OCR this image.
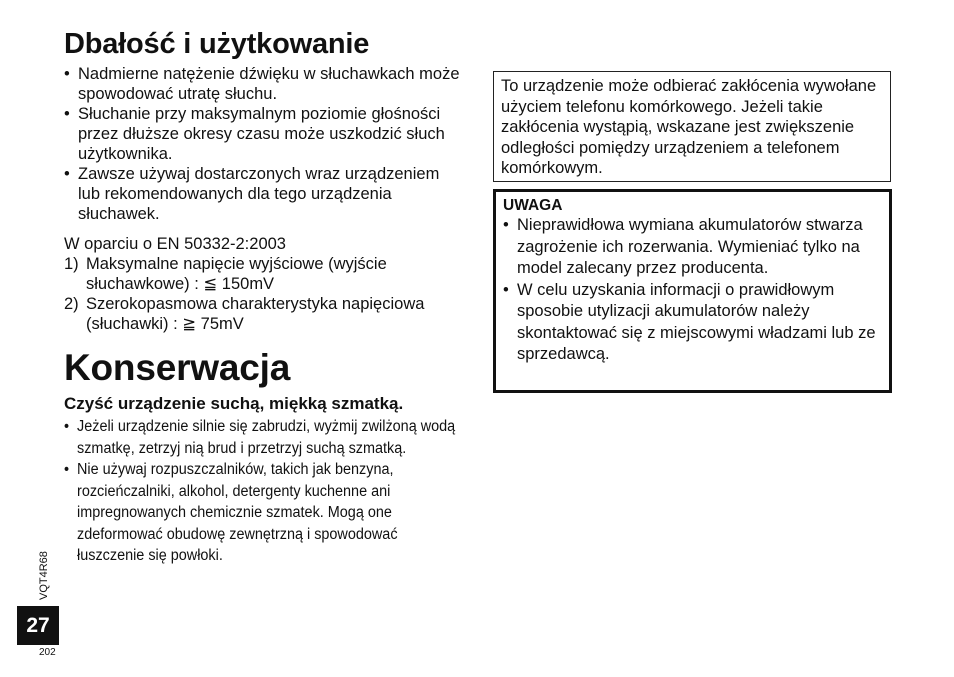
Dbałość i użytkowanie
• Nadmierne natężenie dźwięku w słuchawkach może spowodować utratę słuchu.
• Słuchanie przy maksymalnym poziomie głośności przez dłuższe okresy czasu może uszkodzić słuch użytkownika.
• Zawsze używaj dostarczonych wraz urządzeniem lub rekomendowanych dla tego urządzenia słuchawek.
W oparciu o EN 50332-2:2003
1) Maksymalne napięcie wyjściowe (wyjście słuchawkowe) : ≦ 150mV
2) Szerokopasmowa charakterystyka napięciowa (słuchawki) : ≧ 75mV
Konserwacja
Czyść urządzenie suchą, miękką szmatką.
• Jeżeli urządzenie silnie się zabrudzi, wyżmij zwilżoną wodą szmatkę, zetrzyj nią brud i przetrzyj suchą szmatką.
• Nie używaj rozpuszczalników, takich jak benzyna, rozcieńczalniki, alkohol, detergenty kuchenne ani impregnowanych chemicznie szmatek. Mogą one zdeformować obudowę zewnętrzną i spowodować łuszczenie się powłoki.
To urządzenie może odbierać zakłócenia wywołane użyciem telefonu komórkowego. Jeżeli takie zakłócenia wystąpią, wskazane jest zwiększenie odległości pomiędzy urządzeniem a telefonem komórkowym.
UWAGA
• Nieprawidłowa wymiana akumulatorów stwarza zagrożenie ich rozerwania. Wymieniać tylko na model zalecany przez producenta.
• W celu uzyskania informacji o prawidłowym sposobie utylizacji akumulatorów należy skontaktować się z miejscowymi władzami lub ze sprzedawcą.
VQT4R68
27
202
